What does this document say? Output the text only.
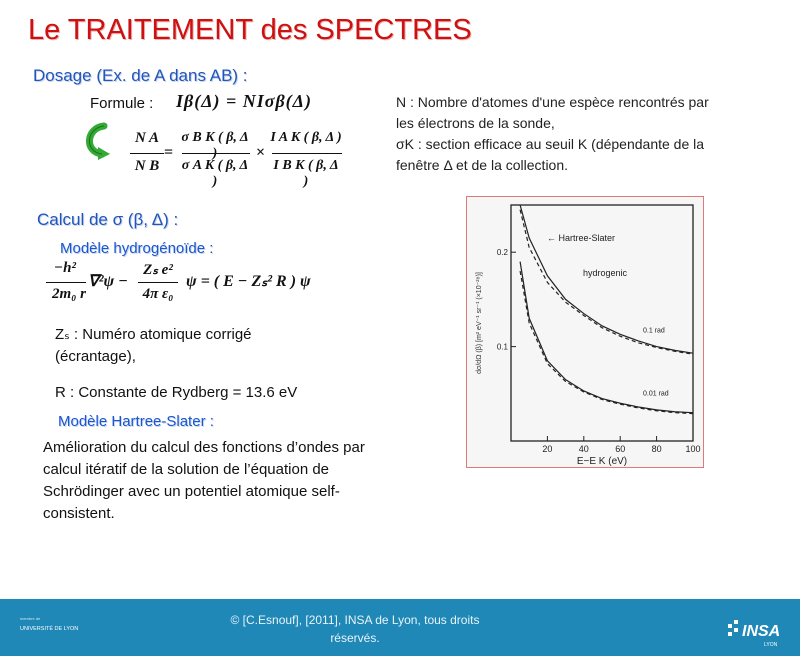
Le TRAITEMENT des SPECTRES
Dosage (Ex. de A dans AB) :
Formule : Iβ(Δ) = NIσβ(Δ)
N A
N B
=
σ B K ( β, Δ
σ A K ( β, Δ )
×
I A K ( β, Δ )
I B K ( β, Δ )
N : Nombre d'atomes d'une espèce rencontrés par
les électrons de la sonde,
σK : section efficace au seuil K (dépendante de la
fenêtre Δ et de la collection.
Calcul de σ (β, Δ) :
Modèle hydrogénoïde :
−h²
2m₀ r
∇²ψ −
Zₛ e²
4π ε₀
ψ = ( E − Zₛ² R ) ψ
Zₛ : Numéro atomique corrigé
(écrantage),
R : Constante de Rydberg = 13.6 eV
Modèle Hartree-Slater :
Amélioration du calcul des fonctions d’ondes par
calcul itératif de la solution de l’équation de
Schrödinger avec un potentiel atomique self-
consistent.
20	40	60	80	100
0.2
0.1
E−E K (eV)
dσ/dΩ (β) [m² eV⁻¹ sr⁻¹ (×10⁻²⁸)]
← Hartree-Slater
hydrogenic
0.1 rad
0.01 rad
membre de
UNIVERSITÉ DE LYON
© [C.Esnouf], [2011], INSA de Lyon, tous droits
réservés.	INSA
LYON
